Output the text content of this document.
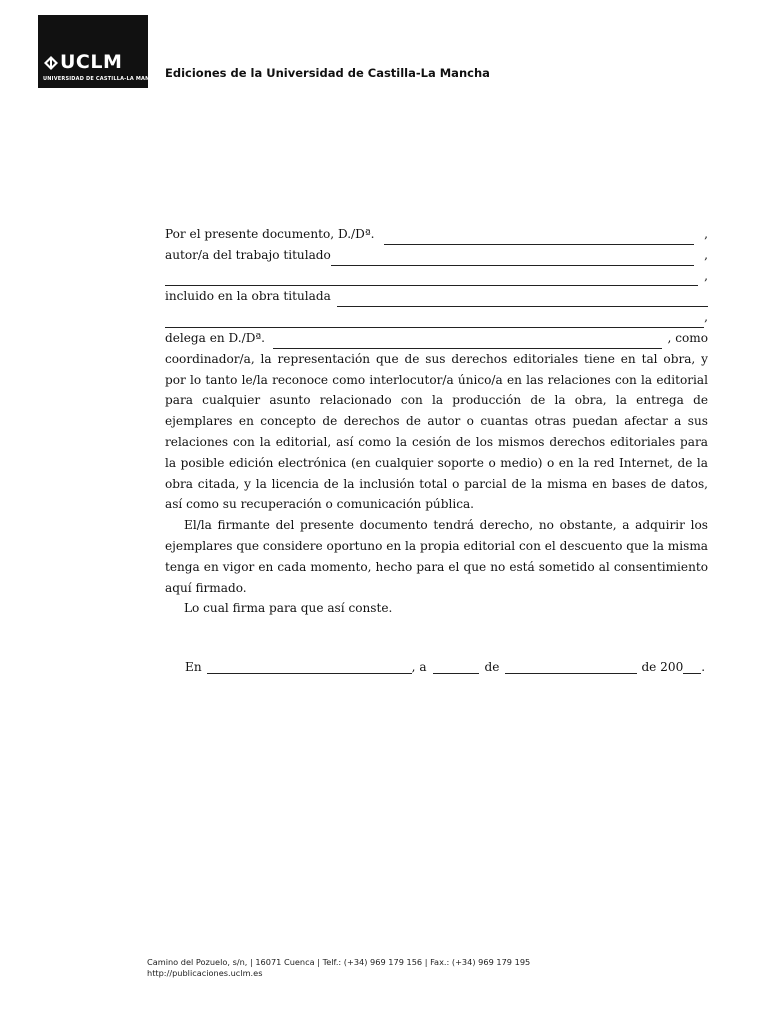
UCLM
UNIVERSIDAD DE CASTILLA-LA MANCHA Ediciones de la Universidad de Castilla-La Mancha
Por el presente documento, D./Dª.	,
autor/a del trabajo titulado	,
,
incluido en la obra titulada
,
delega en D./Dª.	, como
coordinador/a, la representación que de sus derechos editoriales tiene en tal obra, y por lo tanto le/la reconoce como interlocutor/a único/a en las relaciones con la editorial para cualquier asunto relacionado con la producción de la obra, la entrega de ejemplares en concepto de derechos de autor o cuantas otras puedan afectar a sus relaciones con la editorial, así como la cesión de los mismos derechos editoriales para la posible edición electrónica (en cualquier soporte o medio) o en la red Internet, de la obra citada, y la licencia de la inclusión total o parcial de la misma en bases de datos, así como su recuperación o comunicación pública.
El/la firmante del presente documento tendrá derecho, no obstante, a adquirir los ejemplares que considere oportuno en la propia editorial con el descuento que la misma tenga en vigor en cada momento, hecho para el que no está sometido al consentimiento aquí firmado.
Lo cual firma para que así conste.
En	, a	de	de 200 .
Camino del Pozuelo, s/n, | 16071 Cuenca | Telf.: (+34) 969 179 156 | Fax.: (+34) 969 179 195
http://publicaciones.uclm.es
